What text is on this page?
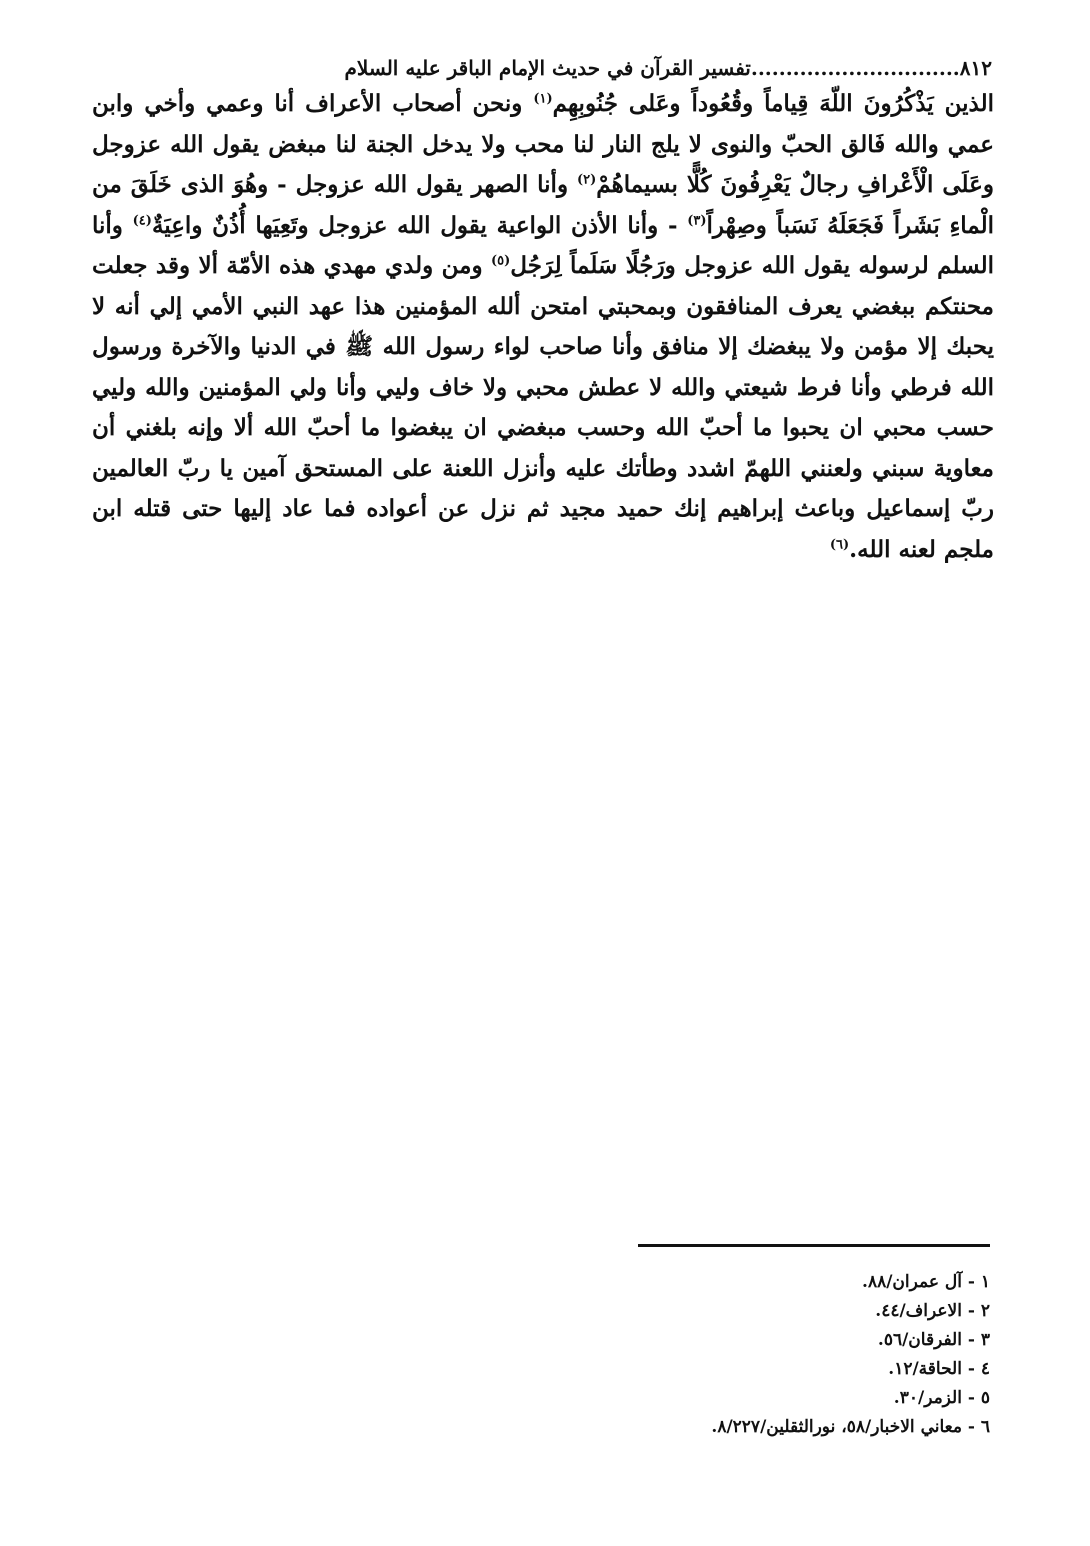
٨١٢..............................تفسير القرآن في حديث الإمام الباقر عليه السلام

الذين يَذْكُرُونَ اللّهَ قِياماً وقُعُوداً وعَلى جُنُوبِهِم$^{(١)}$ ونحن أصحاب الأعراف أنا وعمي وأخي وابن عمي والله فَالق الحبّ والنوى لا يلج النار لنا محب ولا يدخل الجنة لنا مبغض يقول الله عزوجل وعَلَى الْأَعْرافِ رجالٌ يَعْرِفُونَ كُلًّا بسيماهُمْ$^{(٢)}$ وأنا الصهر يقول الله عزوجل - وهُوَ الذى خَلَقَ من الْماءِ بَشَراً فَجَعَلَهُ نَسَباً وصِهْراً$^{(٣)}$ - وأنا الأذن الواعية يقول الله عزوجل وتَعِيَها أُذُنٌ واعِيَةٌ$^{(٤)}$ وأنا السلم لرسوله يقول الله عزوجل ورَجُلًا سَلَماً لِرَجُل$^{(٥)}$ ومن ولدي مهدي هذه الأمّة ألا وقد جعلت محنتكم ببغضي يعرف المنافقون وبمحبتي امتحن ألله المؤمنين هذا عهد النبي الأمي إلي أنه لا يحبك إلا مؤمن ولا يبغضك إلا منافق وأنا صاحب لواء رسول الله ﷺ في الدنيا والآخرة ورسول الله فرطي وأنا فرط شيعتي والله لا عطش محبي ولا خاف وليي وأنا ولي المؤمنين والله وليي حسب محبي ان يحبوا ما أحبّ الله وحسب مبغضي ان يبغضوا ما أحبّ الله ألا وإنه بلغني أن معاوية سبني ولعنني اللهمّ اشدد وطأتك عليه وأنزل اللعنة على المستحق آمين يا ربّ العالمين ربّ إسماعيل وباعث إبراهيم إنك حميد مجيد ثم نزل عن أعواده فما عاد إليها حتى قتله ابن ملجم لعنه الله.$^{(٦)}$

١ - آل عمران/٨٨.
٢ - الاعراف/٤٤.
٣ - الفرقان/٥٦.
٤ - الحاقة/١٢.
٥ - الزمر/٣٠.
٦ - معاني الاخبار/٥٨، نورالثقلين/٨/٢٢٧.
